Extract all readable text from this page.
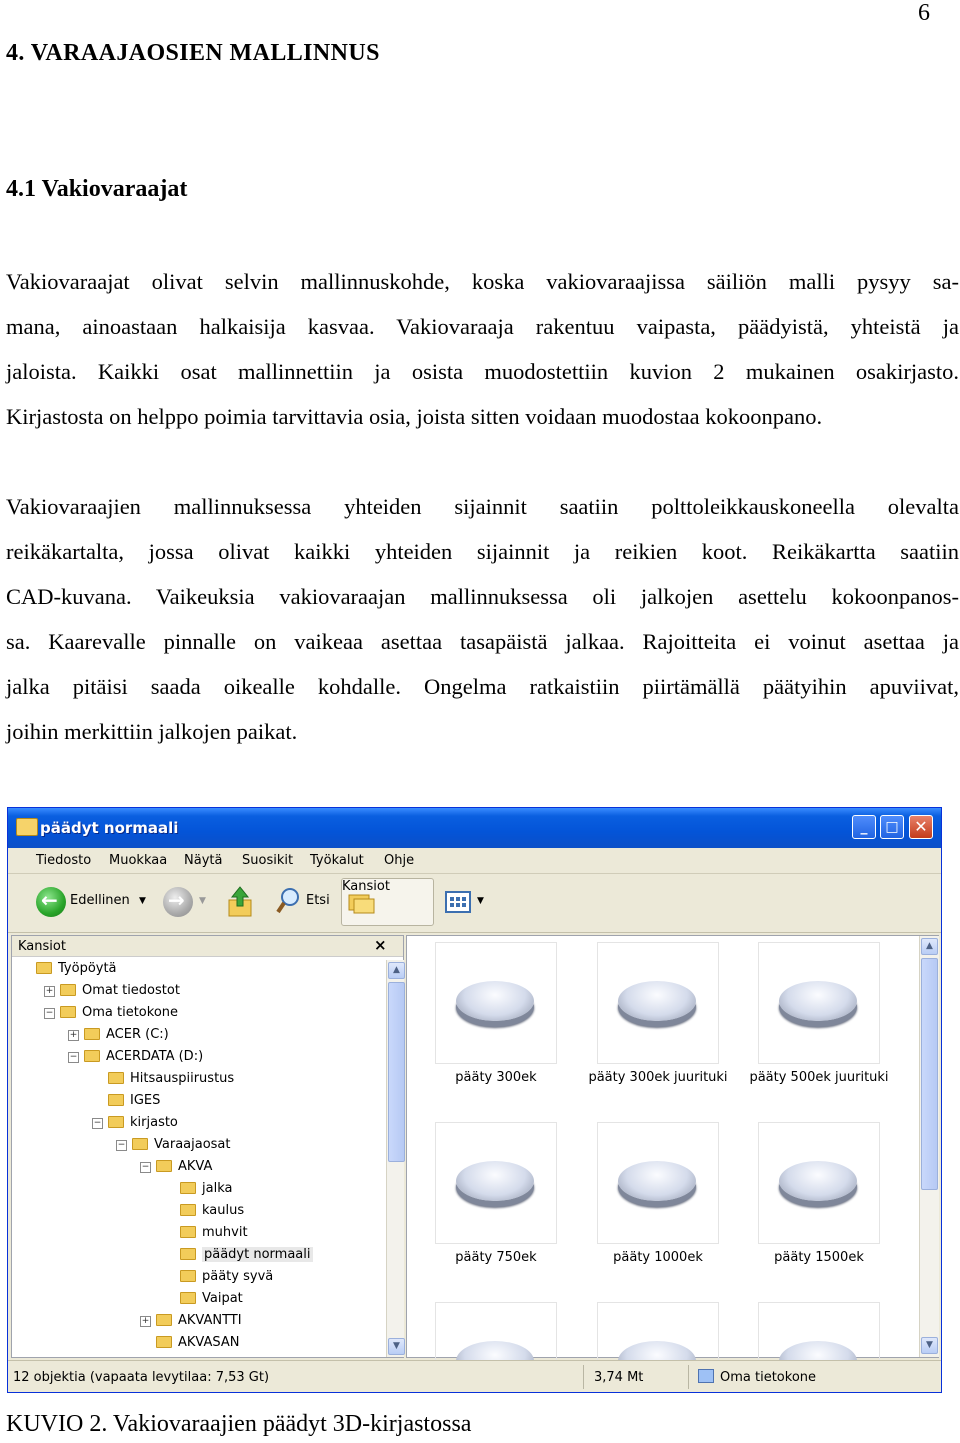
6
4. VARAAJAOSIEN MALLINNUS
4.1 Vakiovaraajat
Vakiovaraajat olivat selvin mallinnuskohde, koska vakiovaraajissa säiliön malli pysyy sa-
mana, ainoastaan halkaisija kasvaa. Vakiovaraaja rakentuu vaipasta, päädyistä, yhteistä ja
jaloista. Kaikki osat mallinnettiin ja osista muodostettiin kuvion 2 mukainen osakirjasto.
Kirjastosta on helppo poimia tarvittavia osia, joista sitten voidaan muodostaa kokoonpano.
Vakiovaraajien mallinnuksessa yhteiden sijainnit saatiin polttoleikkauskoneella olevalta
reikäkartalta, jossa olivat kaikki yhteiden sijainnit ja reikien koot. Reikäkartta saatiin
CAD-kuvana. Vaikeuksia vakiovaraajan mallinnuksessa oli jalkojen asettelu kokoonpanos-
sa. Kaarevalle pinnalle on vaikeaa asettaa tasapäistä jalkaa. Rajoitteita ei voinut asettaa ja
jalka pitäisi saada oikealle kohdalle. Ongelma ratkaistiin piirtämällä päätyihin apuviivat,
joihin merkittiin jalkojen paikat.
päädyt normaali	_	□ ✕
Tiedosto Muokkaa Näytä Suosikit Työkalut Ohje
←
Edellinen ▼
→	▼	Etsi
Kansiot
▼
Kansiot	×
Työpöytä
+ Omat tiedostot
− Oma tietokone
+ ACER (C:)
− ACERDATA (D:)
Hitsauspiirustus
IGES
− kirjasto
− Varaajaosat
− AKVA
jalka
kaulus
muhvit
päädyt normaali
pääty syvä
Vaipat
+ AKVANTTI
AKVASAN
▲
▼
pääty 300ek	pääty 300ek juurituki	pääty 500ek juurituki
pääty 750ek	pääty 1000ek	pääty 1500ek
▲
▼
12 objektia (vapaata levytilaa: 7,53 Gt)	3,74 Mt	Oma tietokone
KUVIO 2. Vakiovaraajien päädyt 3D-kirjastossa
